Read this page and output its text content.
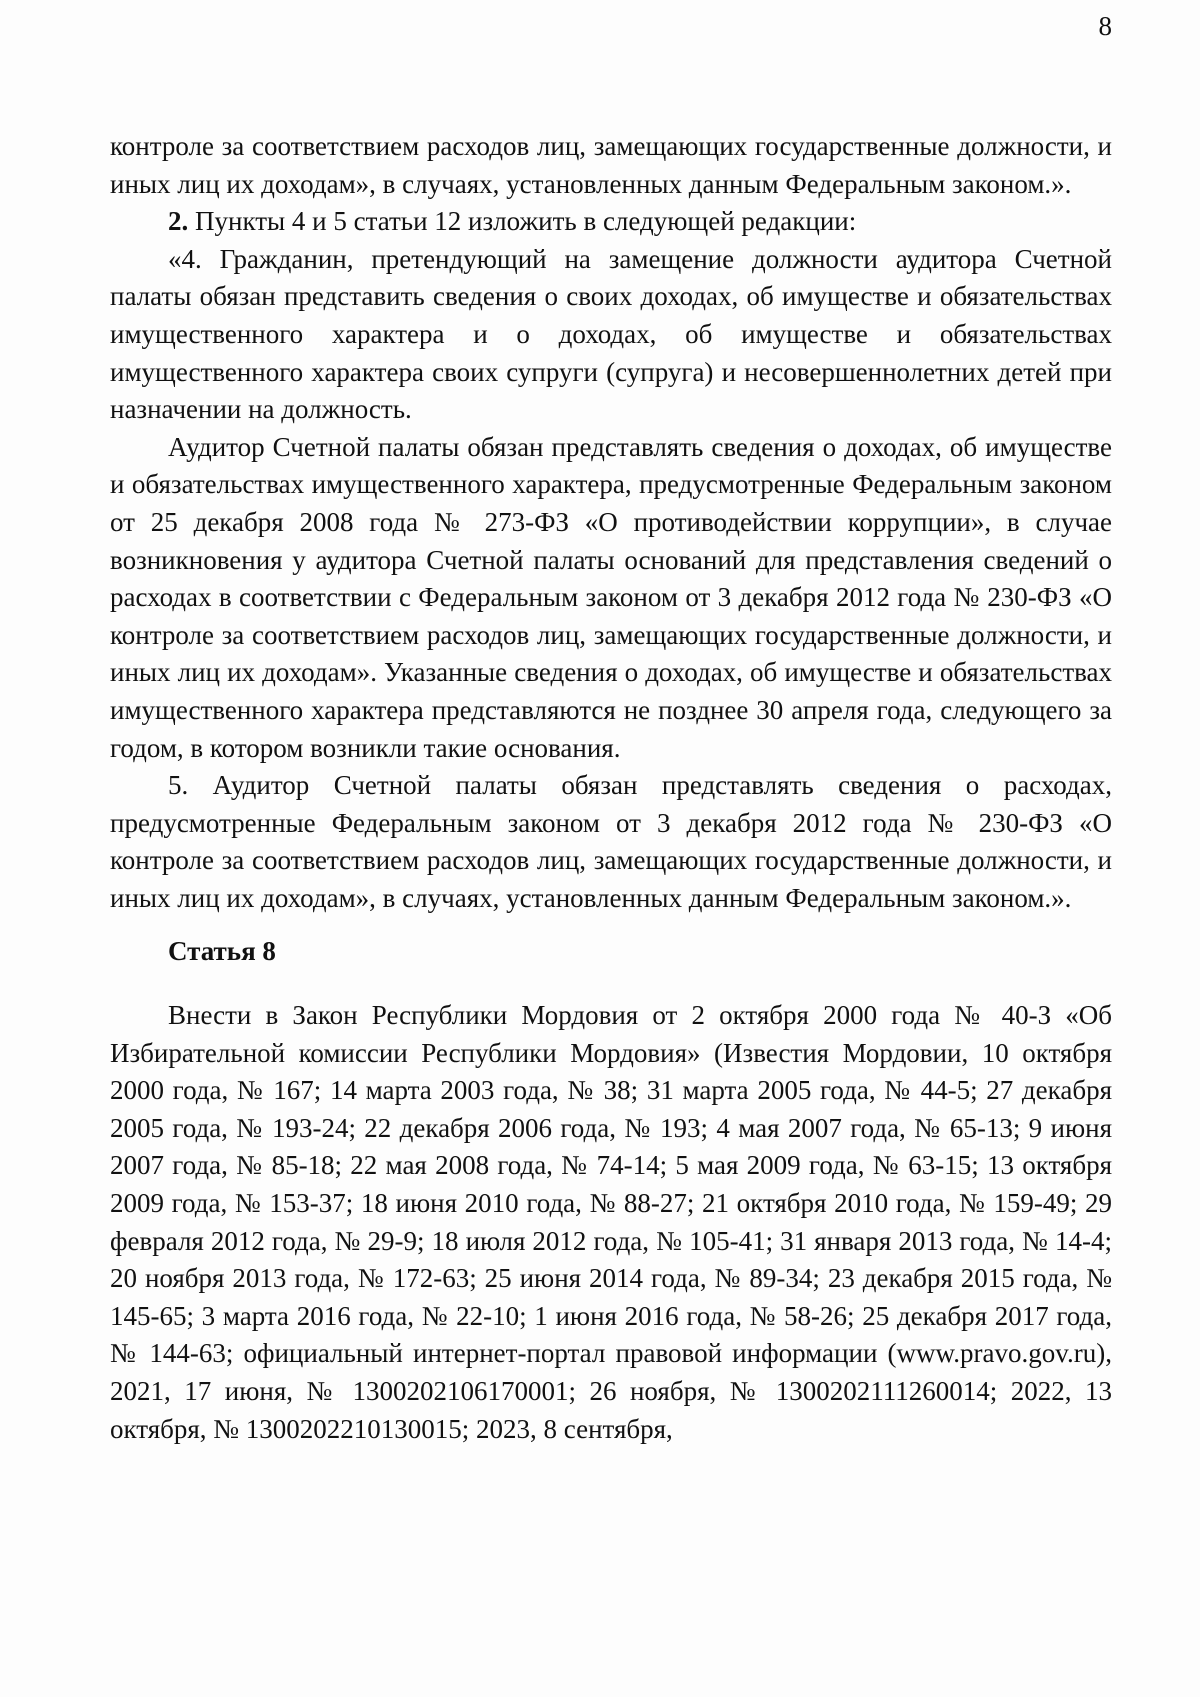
8

контроле за соответствием расходов лиц, замещающих государственные должности, и иных лиц их доходам», в случаях, установленных данным Федеральным законом.».

2. Пункты 4 и 5 статьи 12 изложить в следующей редакции:

«4. Гражданин, претендующий на замещение должности аудитора Счетной палаты обязан представить сведения о своих доходах, об имуществе и обязательствах имущественного характера и о доходах, об имуществе и обязательствах имущественного характера своих супруги (супруга) и несовершеннолетних детей при назначении на должность.

Аудитор Счетной палаты обязан представлять сведения о доходах, об имуществе и обязательствах имущественного характера, предусмотренные Федеральным законом от 25 декабря 2008 года № 273-ФЗ «О противодействии коррупции», в случае возникновения у аудитора Счетной палаты оснований для представления сведений о расходах в соответствии с Федеральным законом от 3 декабря 2012 года № 230-ФЗ «О контроле за соответствием расходов лиц, замещающих государственные должности, и иных лиц их доходам». Указанные сведения о доходах, об имуществе и обязательствах имущественного характера представляются не позднее 30 апреля года, следующего за годом, в котором возникли такие основания.

5. Аудитор Счетной палаты обязан представлять сведения о расходах, предусмотренные Федеральным законом от 3 декабря 2012 года № 230-ФЗ «О контроле за соответствием расходов лиц, замещающих государственные должности, и иных лиц их доходам», в случаях, установленных данным Федеральным законом.».

Статья 8

Внести в Закон Республики Мордовия от 2 октября 2000 года № 40-З «Об Избирательной комиссии Республики Мордовия» (Известия Мордовии, 10 октября 2000 года, № 167; 14 марта 2003 года, № 38; 31 марта 2005 года, № 44-5; 27 декабря 2005 года, № 193-24; 22 декабря 2006 года, № 193; 4 мая 2007 года, № 65-13; 9 июня 2007 года, № 85-18; 22 мая 2008 года, № 74-14; 5 мая 2009 года, № 63-15; 13 октября 2009 года, № 153-37; 18 июня 2010 года, № 88-27; 21 октября 2010 года, № 159-49; 29 февраля 2012 года, № 29-9; 18 июля 2012 года, № 105-41; 31 января 2013 года, № 14-4; 20 ноября 2013 года, № 172-63; 25 июня 2014 года, № 89-34; 23 декабря 2015 года, № 145-65; 3 марта 2016 года, № 22-10; 1 июня 2016 года, № 58-26; 25 декабря 2017 года, № 144-63; официальный интернет-портал правовой информации (www.pravo.gov.ru), 2021, 17 июня, № 1300202106170001; 26 ноября, № 1300202111260014; 2022, 13 октября, № 1300202210130015; 2023, 8 сентября,
